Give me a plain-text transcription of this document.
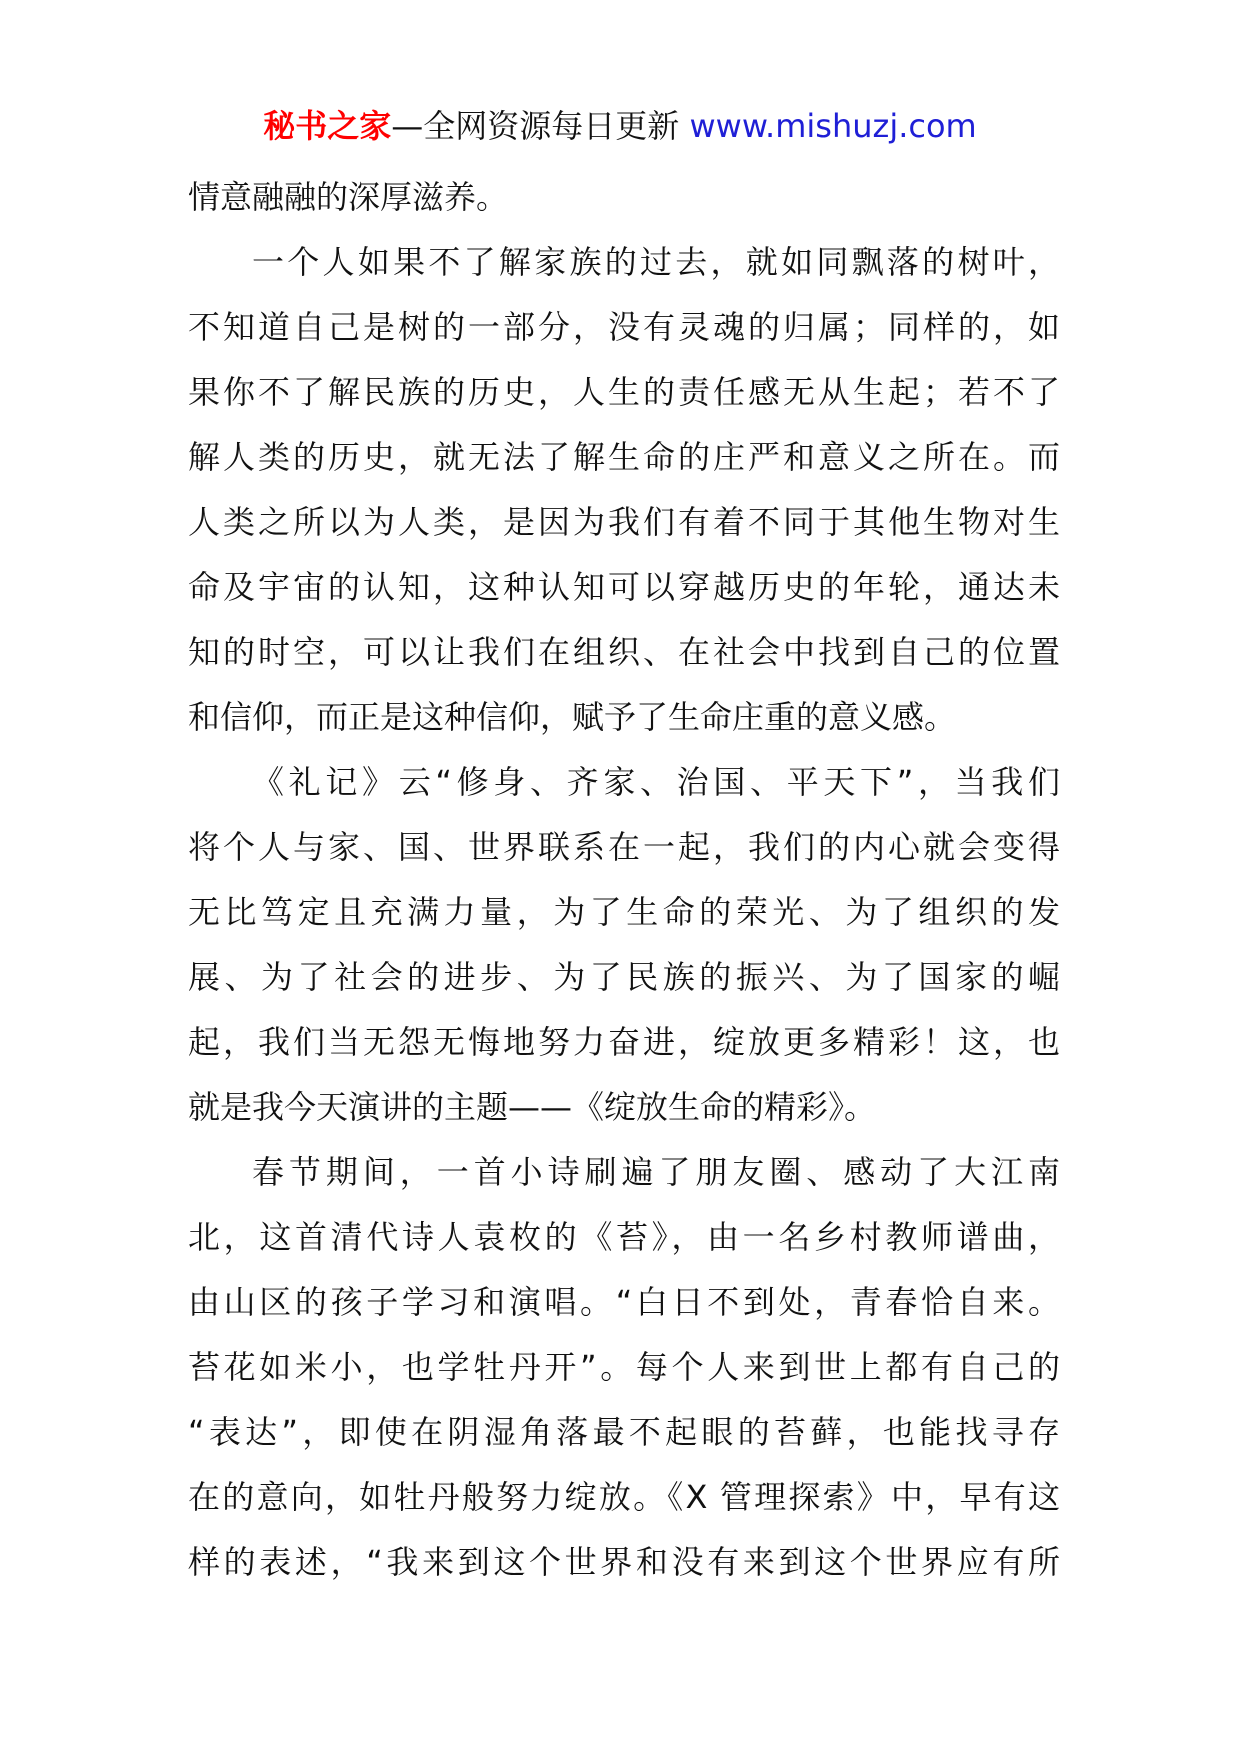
秘书之家—全网资源每日更新 www.mishuzj.com
情意融融的深厚滋养。
一个人如果不了解家族的过去，就如同飘落的树叶，
不知道自己是树的一部分，没有灵魂的归属；同样的，如
果你不了解民族的历史，人生的责任感无从生起；若不了
解人类的历史，就无法了解生命的庄严和意义之所在。而
人类之所以为人类，是因为我们有着不同于其他生物对生
命及宇宙的认知，这种认知可以穿越历史的年轮，通达未
知的时空，可以让我们在组织、在社会中找到自己的位置
和信仰，而正是这种信仰，赋予了生命庄重的意义感。
《礼记》云“修身、齐家、治国、平天下”，当我们
将个人与家、国、世界联系在一起，我们的内心就会变得
无比笃定且充满力量，为了生命的荣光、为了组织的发
展、为了社会的进步、为了民族的振兴、为了国家的崛
起，我们当无怨无悔地努力奋进，绽放更多精彩！这，也
就是我今天演讲的主题——《绽放生命的精彩》。
春节期间，一首小诗刷遍了朋友圈、感动了大江南
北，这首清代诗人袁枚的《苔》，由一名乡村教师谱曲，
由山区的孩子学习和演唱。“白日不到处，青春恰自来。
苔花如米小，也学牡丹开”。每个人来到世上都有自己的
“表达”，即使在阴湿角落最不起眼的苔藓，也能找寻存
在的意向，如牡丹般努力绽放。《X 管理探索》中，早有这
样的表述，“我来到这个世界和没有来到这个世界应有所
